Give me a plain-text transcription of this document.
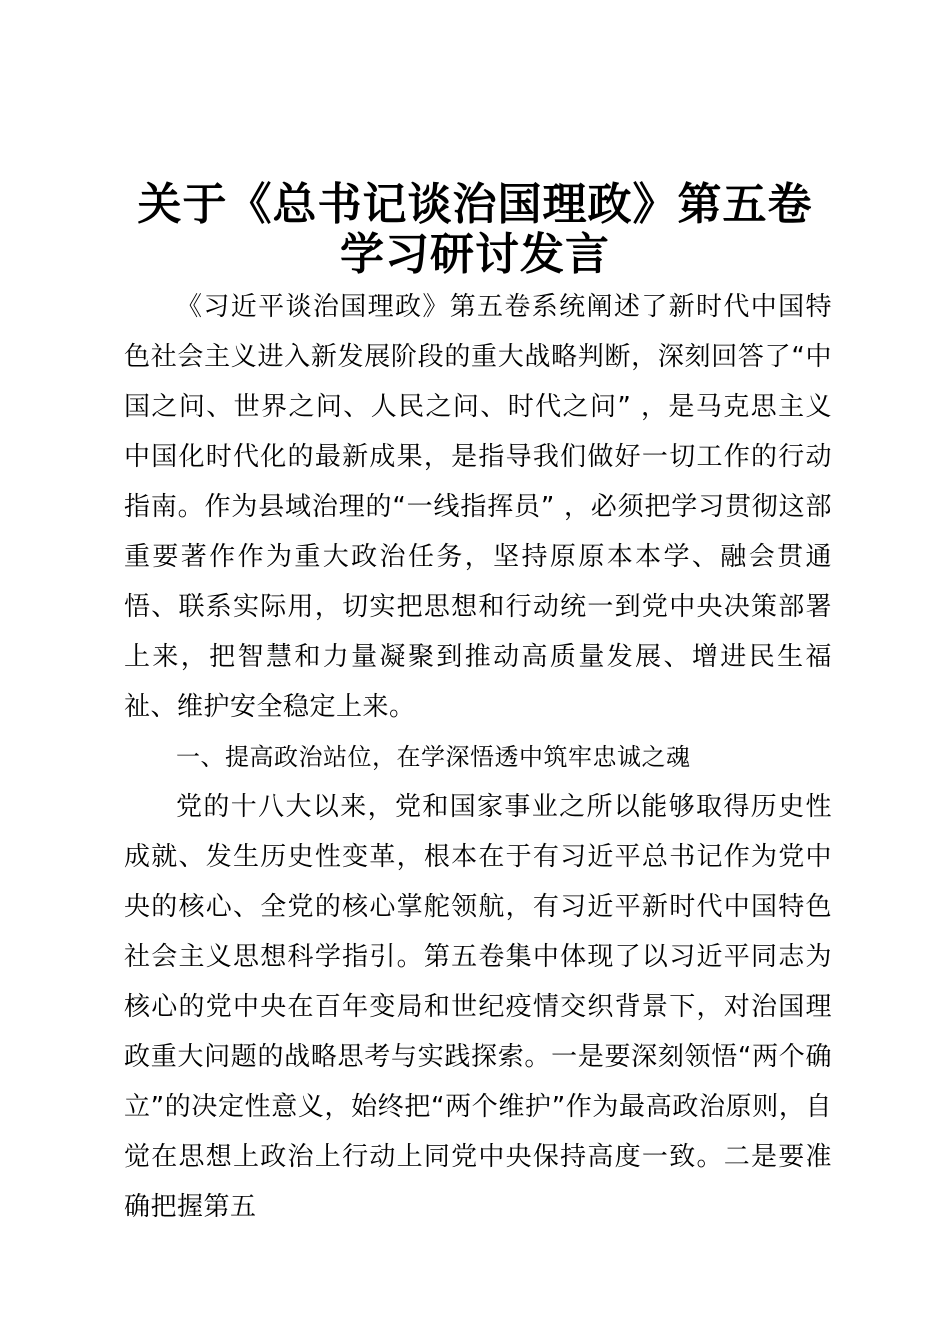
关于《总书记谈治国理政》第五卷学习研讨发言

《习近平谈治国理政》第五卷系统阐述了新时代中国特色社会主义进入新发展阶段的重大战略判断，深刻回答了“中国之问、世界之问、人民之问、时代之问” ，是马克思主义中国化时代化的最新成果，是指导我们做好一切工作的行动指南。作为县域治理的“一线指挥员” ，必须把学习贯彻这部重要著作作为重大政治任务，坚持原原本本学、融会贯通悟、联系实际用，切实把思想和行动统一到党中央决策部署上来，把智慧和力量凝聚到推动高质量发展、增进民生福祉、维护安全稳定上来。

一、提高政治站位，在学深悟透中筑牢忠诚之魂

党的十八大以来，党和国家事业之所以能够取得历史性成就、发生历史性变革，根本在于有习近平总书记作为党中央的核心、全党的核心掌舵领航，有习近平新时代中国特色社会主义思想科学指引。第五卷集中体现了以习近平同志为核心的党中央在百年变局和世纪疫情交织背景下，对治国理政重大问题的战略思考与实践探索。一是要深刻领悟“两个确立”的决定性意义，始终把“两个维护”作为最高政治原则，自觉在思想上政治上行动上同党中央保持高度一致。二是要准确把握第五
